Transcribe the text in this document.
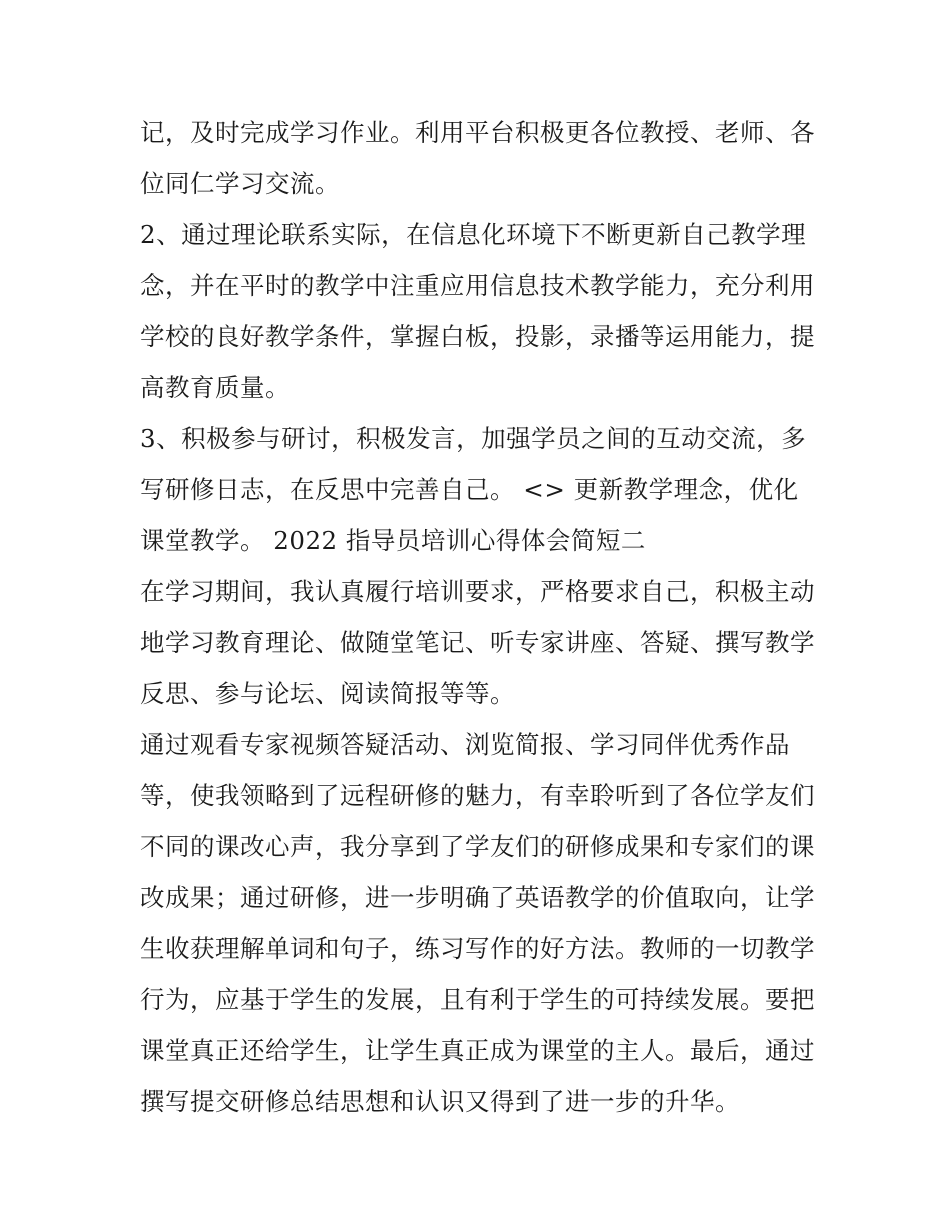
记，及时完成学习作业。利用平台积极更各位教授、老师、各位同仁学习交流。

2、通过理论联系实际，在信息化环境下不断更新自己教学理念，并在平时的教学中注重应用信息技术教学能力，充分利用学校的良好教学条件，掌握白板，投影，录播等运用能力，提高教育质量。

3、积极参与研讨，积极发言，加强学员之间的互动交流，多写研修日志，在反思中完善自己。 <> 更新教学理念，优化课堂教学。 2022 指导员培训心得体会简短二

在学习期间，我认真履行培训要求，严格要求自己，积极主动地学习教育理论、做随堂笔记、听专家讲座、答疑、撰写教学反思、参与论坛、阅读简报等等。

通过观看专家视频答疑活动、浏览简报、学习同伴优秀作品等，使我领略到了远程研修的魅力，有幸聆听到了各位学友们不同的课改心声，我分享到了学友们的研修成果和专家们的课改成果；通过研修，进一步明确了英语教学的价值取向，让学生收获理解单词和句子，练习写作的好方法。教师的一切教学行为，应基于学生的发展，且有利于学生的可持续发展。要把课堂真正还给学生，让学生真正成为课堂的主人。最后，通过撰写提交研修总结思想和认识又得到了进一步的升华。
